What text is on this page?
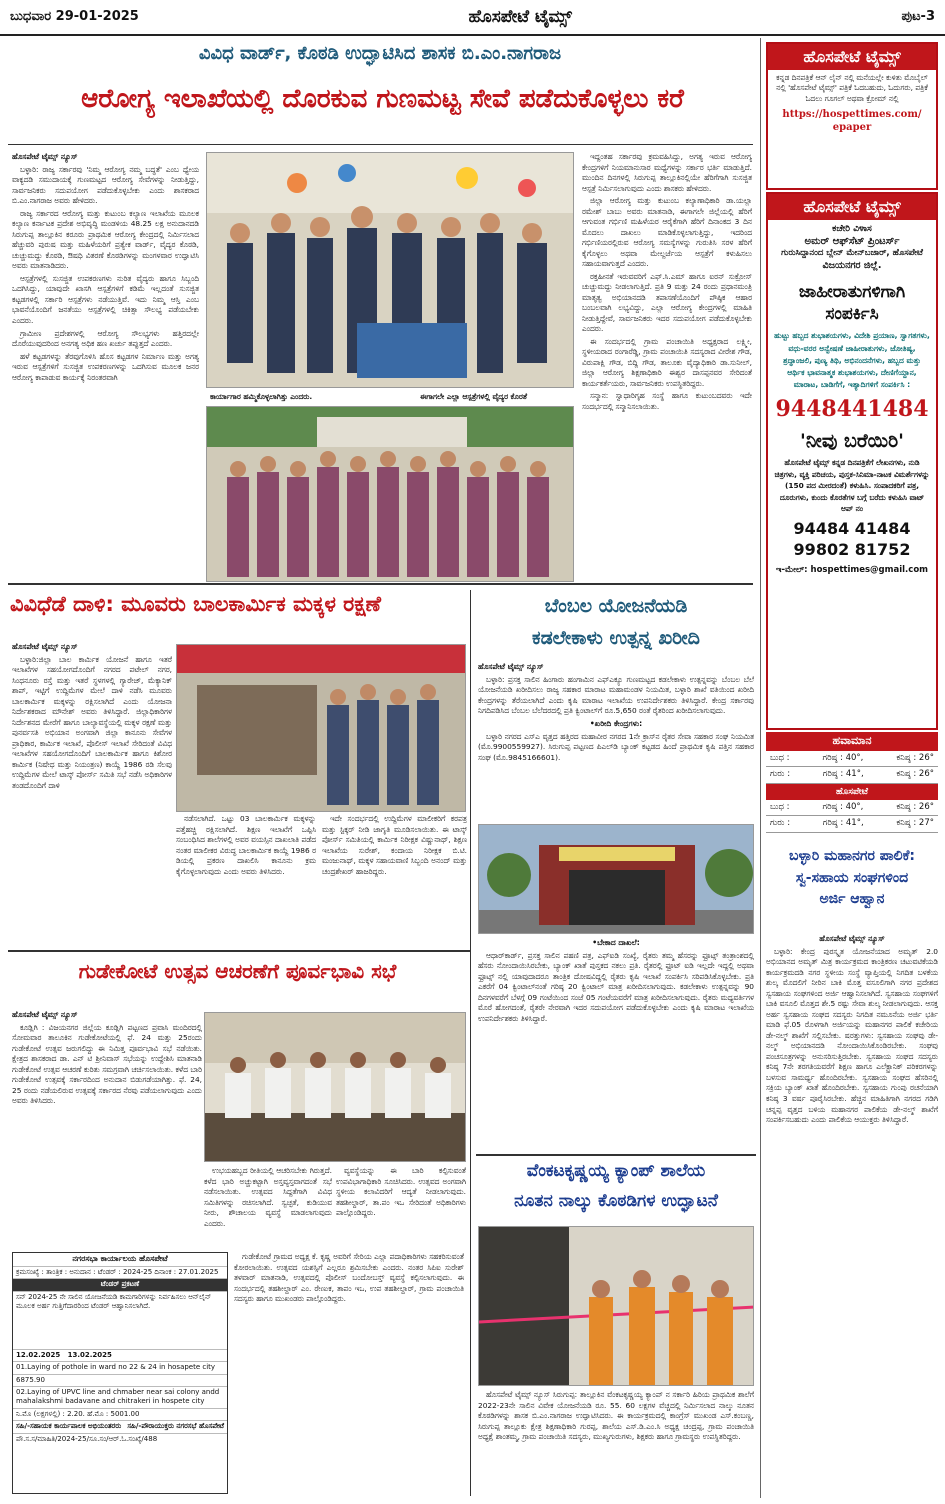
ಬುಧವಾರ 29-01-2025	ಹೊಸಪೇಟೆ ಟೈಮ್ಸ್	ಪುಟ-3
ವಿವಿಧ ವಾರ್ಡ್, ಕೊಠಡಿ ಉದ್ಘಾಟಿಸಿದ ಶಾಸಕ ಬಿ.ಎಂ.ನಾಗರಾಜ
ಆರೋಗ್ಯ ಇಲಾಖೆಯಲ್ಲಿ ದೊರಕುವ ಗುಣಮಟ್ಟ ಸೇವೆ ಪಡೆದುಕೊಳ್ಳಲು ಕರೆ

ಹೊಸಪೇಟೆ ಟೈಮ್ಸ್ ನ್ಯೂಸ್

ಬಳ್ಳಾರಿ: ರಾಜ್ಯ ಸರ್ಕಾರವು 'ನಿಮ್ಮ ಆರೋಗ್ಯ ನಮ್ಮ ಬದ್ಧತೆ' ಎಂಬ ಧ್ಯೇಯ ವಾಕ್ಯದಡಿ ಸಮುದಾಯಕ್ಕೆ ಗುಣಮಟ್ಟದ ಆರೋಗ್ಯ ಸೇವೆಗಳನ್ನು ನೀಡುತ್ತಿದ್ದು, ಸಾರ್ವಜನಿಕರು ಸದುಪಯೋಗ ಪಡೆದುಕೊಳ್ಳಬೇಕು ಎಂದು ಶಾಸಕರಾದ ಬಿ.ಎಂ.ನಾಗರಾಜ ಅವರು ಹೇಳಿದರು.

ರಾಜ್ಯ ಸರ್ಕಾರದ ಆರೋಗ್ಯ ಮತ್ತು ಕುಟುಂಬ ಕಲ್ಯಾಣ ಇಲಾಖೆಯ ಮೂಲಕ ಕಲ್ಯಾಣ ಕರ್ನಾಟಕ ಪ್ರದೇಶ ಅಭಿವೃದ್ಧಿ ಮಂಡಳಿಯ 48.25 ಲಕ್ಷ ಅನುದಾನದಡಿ ಸಿರುಗುಪ್ಪ ತಾಲ್ಲೂಕಿನ ಕರೂರು ಪ್ರಾಥಮಿಕ ಆರೋಗ್ಯ ಕೇಂದ್ರದಲ್ಲಿ ನಿರ್ಮಿಸಲಾದ ಹೆಚ್ಚುವರಿ ಪುರುಷ ಮತ್ತು ಮಹಿಳೆಯರಿಗೆ ಪ್ರತ್ಯೇಕ ವಾರ್ಡ್, ವೈದ್ಯರ ಕೊಠಡಿ, ಚುಚ್ಚುಮದ್ದು ಕೊಠಡಿ, ಔಷಧಿ ವಿತರಣೆ ಕೊಠಡಿಗಳನ್ನು ಮಂಗಳವಾರ ಉದ್ಘಾಟಿಸಿ ಅವರು ಮಾತನಾಡಿದರು.

ಆಸ್ಪತ್ರೆಗಳಲ್ಲಿ ಸುಸಜ್ಜಿತ ಉಪಕರಣಗಳು ನುರಿತ ವೈದ್ಯರು ಹಾಗೂ ಸಿಬ್ಬಂದಿ ಒದಗಿಸಿದ್ದು, ಯಾವುದೇ ಖಾಸಗಿ ಆಸ್ಪತ್ರೆಗಳಿಗೆ ಕಡಿಮೆ ಇಲ್ಲದಂತೆ ಸುಸಜ್ಜಿತ ಕಟ್ಟಡಗಳಲ್ಲಿ ಸರ್ಕಾರಿ ಆಸ್ಪತ್ರೆಗಳು ನಡೆಯುತ್ತಿವೆ. ಇದು ನಿಮ್ಮ ಆಸ್ತಿ ಎಂಬ ಭಾವನೆಯೊಂದಿಗೆ ಜನತೆಯು ಆಸ್ಪತ್ರೆಗಳಲ್ಲಿ ಚಿಕಿತ್ಸಾ ಸೌಲಭ್ಯ ಪಡೆಯಬೇಕು ಎಂದರು.

ಗ್ರಾಮೀಣ ಪ್ರದೇಶಗಳಲ್ಲಿ ಆರೋಗ್ಯ ಸೌಲಭ್ಯಗಳು ಹತ್ತಿರದಲ್ಲೇ ದೊರೆಯುವುದರಿಂದ ಅನಗತ್ಯ ಅಧಿಕ ಹಣ ಖರ್ಚು ತಪ್ಪುತ್ತದೆ ಎಂದರು.

ಹಳೆ ಕಟ್ಟಡಗಳನ್ನು ತೆರವುಗೊಳಿಸಿ ಹೊಸ ಕಟ್ಟಡಗಳ ನಿರ್ಮಾಣ ಮತ್ತು ಅಗತ್ಯ ಇರುವ ಆಸ್ಪತ್ರೆಗಳಿಗೆ ಸುಸಜ್ಜಿತ ಉಪಕರಣಗಳನ್ನು ಒದಗಿಸುವ ಮೂಲಕ ಜನರ ಆರೋಗ್ಯ ಕಾಪಾಡುವ ಕಾರ್ಯಕ್ಕೆ ನಿರಂತರವಾಗಿ

ಕಾರ್ಯಾಗಾರ ಹಮ್ಮಿಕೊಳ್ಳಲಾಗಿತ್ತು ಎಂದರು.	ಈಗಾಗಲೇ ಎಲ್ಲಾ ಆಸ್ಪತ್ರೆಗಳಲ್ಲಿ ವೈದ್ಯರ ಕೊರತೆ

ಇದ್ದಂತಹ ಸರ್ಕಾರವು ಕ್ರಮವಹಿಸಿದ್ದು, ಅಗತ್ಯ ಇರುವ ಆರೋಗ್ಯ ಕೇಂದ್ರಗಳಿಗೆ ನಿಯಮಾನುಸಾರ ಮಧ್ಯೆಗಳನ್ನು ಸರ್ಕಾರ ಭರ್ತಿ ಮಾಡುತ್ತಿದೆ. ಮುಂದಿನ ದಿನಗಳಲ್ಲಿ ಸಿರುಗುಪ್ಪ ತಾಲ್ಲೂಕಿನಲ್ಲಿಯೇ ಹೆರಿಗೆಗಾಗಿ ಸುಸಜ್ಜಿತ ಆಸ್ಪತ್ರೆ ನಿರ್ಮಿಸಲಾಗುವುದು ಎಂದು ಶಾಸಕರು ಹೇಳಿದರು.

ಜಿಲ್ಲಾ ಆರೋಗ್ಯ ಮತ್ತು ಕುಟುಂಬ ಕಲ್ಯಾಣಾಧಿಕಾರಿ ಡಾ.ಯಲ್ಲಾ ರಮೇಶ್ ಬಾಬು ಅವರು ಮಾತನಾಡಿ, ಈಗಾಗಲೇ ಜಿಲ್ಲೆಯಲ್ಲಿ ಹೆರಿಗೆ ಆಗುವಂತ ಗರ್ಭಿಣಿ ಮಹಿಳೆಯರ ಆರೈಕೆಗಾಗಿ ಹೆರಿಗೆ ದಿನಾಂಕದ 3 ದಿನ ಮೊದಲು ದಾಖಲು ಮಾಡಿಕೊಳ್ಳಲಾಗುತ್ತಿದ್ದು, ಇದರಿಂದ ಗರ್ಭಿಣಿಯರಲ್ಲಿರುವ ಆರೋಗ್ಯ ಸಮಸ್ಯೆಗಳನ್ನು ಗುರುತಿಸಿ ಸರಳ ಹೆರಿಗೆ ಕೈಗೊಳ್ಳಲು ಅಥವಾ ಮೇಲ್ದರ್ಜೆಯ ಆಸ್ಪತ್ರೆಗೆ ಕಳುಹಿಸಲು ಸಹಾಯವಾಗುತ್ತದೆ ಎಂದರು.

ರಕ್ತಹೀನತೆ ಇರುವವರಿಗೆ ಎಫ್.ಸಿ.ಎಮ್ ಹಾಗೂ ಐರನ್ ಸುಕ್ರೋಸ್ ಚುಚ್ಚುಮದ್ದು ನೀಡಲಾಗುತ್ತಿದೆ. ಪ್ರತಿ 9 ಮತ್ತು 24 ರಂದು ಪ್ರಧಾನಮಂತ್ರಿ ಮಾತೃತ್ವ ಅಭಿಯಾನದಡಿ ತಪಾಸಣೆಯೊಂದಿಗೆ ಪೌಷ್ಠಿಕ ಆಹಾರ ಬಂಬಲವಾಗಿ ಲಭ್ಯವಿದ್ದು, ಎಲ್ಲಾ ಆರೋಗ್ಯ ಕೇಂದ್ರಗಳಲ್ಲಿ ಮಾಹಿತಿ ನೀಡುತ್ತಿದ್ದೇವೆ, ಸಾರ್ವಜನಿಕರು ಇದರ ಸದುಪಯೋಗ ಪಡೆದುಕೊಳ್ಳಬೇಕು ಎಂದರು.

ಈ ಸಂದರ್ಭದಲ್ಲಿ ಗ್ರಾಮ ಪಂಚಾಯಿತಿ ಅಧ್ಯಕ್ಷರಾದ ಲಕ್ಷ್ಮೀ, ಸ್ಥಳೀಯರಾದ ರಂಗಾರೆಡ್ಡಿ, ಗ್ರಾಮ ಪಂಚಾಯಿತಿ ಸದಸ್ಯರಾದ ವೀರೇಶ ಗೌಡ, ವಿರುಪಾಕ್ಷಿ ಗೌಡ, ಬಿದ್ದಿ ಗೌಡ, ತಾಲೂಕು ವೈದ್ಯಾಧಿಕಾರಿ ಡಾ.ಸುನೀಲ್, ಜಿಲ್ಲಾ ಆರೋಗ್ಯ ಶಿಕ್ಷಣಾಧಿಕಾರಿ ಈಶ್ವರ ದಾಸಪ್ಪನವರ ಸೇರಿದಂತೆ ಕಾರ್ಯಕರ್ತೆಯರು, ಸಾರ್ವಜನಿಕರು ಉಪಸ್ಥಿತರಿದ್ದರು.

ಸನ್ಮಾನ: ಸ್ವಾಧಾರಿಗೃಹ ಸಂಸ್ಥೆ ಹಾಗೂ ಕುಟುಂಬದವರು ಇದೇ ಸಂದರ್ಭದಲ್ಲಿ ಸನ್ಮಾನಿಸಲಾಯಿತು.

ವಿವಿಧೆಡೆ ದಾಳಿ: ಮೂವರು ಬಾಲಕಾರ್ಮಿಕ ಮಕ್ಕಳ ರಕ್ಷಣೆ

ಹೊಸಪೇಟೆ ಟೈಮ್ಸ್ ನ್ಯೂಸ್

ಬಳ್ಳಾರಿ:ಜಿಲ್ಲಾ ಬಾಲ ಕಾರ್ಮಿಕ ಯೋಜನೆ ಹಾಗೂ ಇತರೆ ಇಲಾಖೆಗಳ ಸಹಯೋಗದೊಂದಿಗೆ ನಗರದ ಪಟೇಲ್ ನಗರ, ಸಿಂಧನೂರು ರಸ್ತೆ ಮತ್ತು ಇತರೆ ಸ್ಥಳಗಳಲ್ಲಿ ಗ್ಯಾರೇಜ್, ಮೆಕ್ಯಾನಿಕ್ ಶಾಪ್, ಇಟ್ಟಿಗೆ ಉದ್ದಿಮೆಗಳ ಮೇಲೆ ದಾಳಿ ನಡೆಸಿ ಮೂವರು ಬಾಲಕಾರ್ಮಿಕ ಮಕ್ಕಳನ್ನು ರಕ್ಷಿಸಲಾಗಿದೆ ಎಂದು ಯೋಜನಾ ನಿರ್ದೇಶಕರಾದ ಮೌನೇಶ್ ಅವರು ತಿಳಿಸಿದ್ದಾರೆ. ಜಿಲ್ಲಾಧಿಕಾರಿಗಳ ನಿರ್ದೇಶನದ ಮೇರೆಗೆ ಹಾಗೂ ಬಾಲ್ಯಾವಸ್ಥೆಯಲ್ಲಿ ಮಕ್ಕಳ ರಕ್ಷಣೆ ಮತ್ತು ಪುನರ್ವಸತಿ ಅಭಿಯಾನ ಅಂಗವಾಗಿ ಜಿಲ್ಲಾ ಕಾನೂನು ಸೇವೆಗಳ ಪ್ರಾಧಿಕಾರ, ಕಾರ್ಮಿಕ ಇಲಾಖೆ, ಪೊಲೀಸ್ ಇಲಾಖೆ ಸೇರಿದಂತೆ ವಿವಿಧ ಇಲಾಖೆಗಳ ಸಹಯೋಗದೊಂದಿಗೆ ಬಾಲಕಾರ್ಮಿಕ ಹಾಗೂ ಕಿಶೋರ ಕಾರ್ಮಿಕ (ನಿಷೇಧ ಮತ್ತು ನಿಯಂತ್ರಣ) ಕಾಯ್ದೆ 1986 ರಡಿ ಸೆಲವು ಉದ್ದಿಮೆಗಳ ಮೇಲೆ ಟಾಸ್ಕ್ ಪೋರ್ಸ್ ಸಮಿತಿ ಸಭೆ ನಡೆಸಿ ಅಧಿಕಾರಿಗಳ ತಂಡದೊಂದಿಗೆ ದಾಳಿ

ನಡೆಸಲಾಗಿದೆ. ಒಟ್ಟು 03 ಬಾಲಕಾರ್ಮಿಕ ಮಕ್ಕಳನ್ನು ಪತ್ತೆಹಚ್ಚಿ ರಕ್ಷಿಸಲಾಗಿದೆ. ಶಿಕ್ಷಣ ಇಲಾಖೆಗೆ ಒಪ್ಪಿಸಿ ಸಂಬಂಧಿಸಿದ ಶಾಲೆಗಳಲ್ಲಿ ಅವರ ವಯಸ್ಸಿನ ದಾಖಲಾತಿ ಪಡೆದ ನಂತರ ಮಾಲೀಕರ ವಿರುದ್ಧ ಬಾಲಕಾರ್ಮಿಕ ಕಾಯ್ದೆ 1986 ರ ಡಿಯಲ್ಲಿ ಪ್ರಕರಣ ದಾಖಲಿಸಿ ಕಾನೂನು ಕ್ರಮ ಕೈಗೊಳ್ಳಲಾಗುವುದು ಎಂದು ಅವರು ತಿಳಿಸಿದರು.

ಇದೇ ಸಂದರ್ಭದಲ್ಲಿ ಉದ್ದಿಮೆಗಳ ಮಾಲೀಕರಿಗೆ ಕರಪತ್ರ ಮತ್ತು ಸ್ಟಿಕ್ಕರ್ ನೀಡಿ ಜಾಗೃತಿ ಮೂಡಿಸಲಾಯಿತು. ಈ ಟಾಸ್ಕ್ ಪೋರ್ಸ್ ಸಮಿತಿಯಲ್ಲಿ ಕಾರ್ಮಿಕ ನಿರೀಕ್ಷಕ ವಿಷ್ಣುನಾಥ್, ಶಿಕ್ಷಣ ಇಲಾಖೆಯ ಸುರೇಶ್, ಕಂದಾಯ ನಿರೀಕ್ಷಕ ಬಿ.ಟಿ. ಮಂಜುನಾಥ್, ಮಕ್ಕಳ ಸಹಾಯವಾಣಿ ಸಿಬ್ಬಂದಿ ಅನಂದ್ ಮತ್ತು ಚಂದ್ರಶೇಖರ್ ಹಾಜರಿದ್ದರು.

ಗುಡೇಕೋಟೆ ಉತ್ಸವ ಆಚರಣೆಗೆ ಪೂರ್ವಭಾವಿ ಸಭೆ

ಹೊಸಪೇಟೆ ಟೈಮ್ಸ್ ನ್ಯೂಸ್

ಕೂಡ್ಲಿಗಿ : ವಿಜಯನಗರ ಜಿಲ್ಲೆಯ ಕೂಡ್ಲಿಗಿ ಪಟ್ಟಣದ ಪ್ರವಾಸಿ ಮಂದಿರದಲ್ಲಿ ಸೋಮವಾರ ತಾಲೂಕಿನ ಗುಡೇಕೋಟೆಯಲ್ಲಿ ಫೆ. 24 ಮತ್ತು 25ರಂದು ಗುಡೇಕೋಟೆ ಉತ್ಸವ ಜರುಗಲಿದ್ದು ಈ ನಿಮಿತ್ತ ಪೂರ್ವಭಾವಿ ಸಭೆ ನಡೆಯಿತು. ಕ್ಷೇತ್ರದ ಶಾಸಕರಾದ ಡಾ. ಎನ್ ಟಿ ಶ್ರೀನಿವಾಸ್ ಸಭೆಯನ್ನು ಉದ್ದೇಶಿಸಿ ಮಾತನಾಡಿ ಗುಡೇಕೋಟೆ ಉತ್ಸವ ಆಚರಣೆ ಕುರಿತು ಸಮಗ್ರವಾಗಿ ಚರ್ಚಿಸಲಾಯಿತು. ಕಳೆದ ಬಾರಿ ಗುಡೇಕೋಟೆ ಉತ್ಸವಕ್ಕೆ ಸರ್ಕಾರದಿಂದ ಅನುದಾನ ಬಿಡುಗಡೆಯಾಗಿತ್ತು. ಫೆ. 24, 25 ರಂದು ನಡೆಯಲಿರುವ ಉತ್ಸವಕ್ಕೆ ಸರ್ಕಾರದ ನೆರವು ಪಡೆಯಲಾಗುವುದು ಎಂದು ಅವರು ತಿಳಿಸಿದರು.

ಉಭಯಹಬ್ಬದ ರೀತಿಯಲ್ಲಿ ಆಚರಿಸಬೇಕು ಗಿರುತ್ತದೆ. ಕಳೆದ ಭಾರಿ ಅಚ್ಚುಕಟ್ಟಾಗಿ ಅಸ್ತವ್ಯಸ್ತವಾಗದಂತೆ ಸಭೆ ನಡೆಸಲಾಯಿತು. ಉತ್ಸವದ ಸಿದ್ದತೆಗಾಗಿ ವಿವಿಧ ಸಮಿತಿಗಳನ್ನು ರಚಿಸಲಾಗಿದೆ. ಸ್ವಚ್ಛತೆ, ಕುಡಿಯುವ ನೀರು, ಶೌಚಾಲಯ ವ್ಯವಸ್ಥೆ ಮಾಡಲಾಗುವುದು ಎಂದರು.

ವ್ಯವಸ್ಥೆಯನ್ನು ಈ ಬಾರಿ ಕಲ್ಪಿಸುವಂತೆ ಉಪವಿಭಾಗಾಧಿಕಾರಿ ಸೂಚಿಸಿದರು. ಉತ್ಸವದ ಅಂಗವಾಗಿ ಸ್ಥಳೀಯ ಕಲಾವಿದರಿಗೆ ಆದ್ಯತೆ ನೀಡಲಾಗುವುದು. ತಹಶೀಲ್ದಾರ್, ತಾ.ಪಂ ಇಒ ಸೇರಿದಂತೆ ಅಧಿಕಾರಿಗಳು ಪಾಲ್ಗೊಂಡಿದ್ದರು.

ನಗರಸಭಾ ಕಾರ್ಯಾಲಯ ಹೊಸಪೇಟೆ
ಕ್ರಮಸಂಖ್ಯೆ : ತಾಂತ್ರಿಕ : ಅನುದಾನ : ಟೆಂಡರ್ : 2024-25 ದಿನಾಂಕ : 27.01.2025
ಟೆಂಡರ್ ಪ್ರಕಟಣೆ
ಸನ್ 2024-25 ನೇ ಸಾಲಿನ ಯೋಜನೆಯಡಿ ಕಾಮಗಾರಿಗಳನ್ನು ನಿರ್ವಹಿಸಲು ಆನ್‌ಲೈನ್ ಮೂಲಕ ಅರ್ಹ ಗುತ್ತಿಗೆದಾರರಿಂದ ಟೆಂಡರ್ ಆಹ್ವಾನಿಸಲಾಗಿದೆ.
12.02.2025 13.02.2025
01.Laying of pothole in ward no 22 & 24 in hosapete city
6875.90
02.Laying of UPVC line and chmaber near sai colony andd mahalakshmi badavane and chitrakeri in hospete city
ನಿ.ಮೊ (ಲಕ್ಷಗಳಲ್ಲಿ) : 2.20. ಹೆ.ಮೊ : 5001.00
ಸಹಿ/-ಸಹಾಯಕ ಕಾರ್ಯಪಾಲಕ ಅಭಿಯಂತರರು ಸಹಿ/-ಪೌರಾಯುಕ್ತರು ನಗರಸಭೆ ಹೊಸಪೇಟೆ
ಪೌ.ಸ.ಸ/ಮಾಹಿತಿ/2024-25/ಸೂ.ಸಂ/ಆರ್.ಓ.ಸಂಖ್ಯೆ/488

ಗುಡೇಕೋಟೆ ಗ್ರಾಮದ ಅಧ್ಯಕ್ಷ ಕೆ. ಕೃಷ್ಣ ಅವರಿಗೆ ಸೇರಿಯ ಎಲ್ಲಾ ಪದಾಧಿಕಾರಿಗಳು ಸಹಕರಿಸುವಂತೆ ಕೋರಲಾಯಿತು. ಉತ್ಸವದ ಯಶಸ್ಸಿಗೆ ಎಲ್ಲರೂ ಶ್ರಮಿಸಬೇಕು ಎಂದರು. ನಂತರ ಸಿಪಿಐ ಸುರೇಶ್ ತಳವಾರ್ ಮಾತನಾಡಿ, ಉತ್ಸವದಲ್ಲಿ ಪೊಲೀಸ್ ಬಂದೋಬಸ್ತ್ ವ್ಯವಸ್ಥೆ ಕಲ್ಪಿಸಲಾಗುವುದು. ಈ ಸಂದರ್ಭದಲ್ಲಿ ತಹಶೀಲ್ದಾರ್ ಎಂ. ರೇಣುಕ, ತಾಪಂ ಇಒ, ಉಪ ತಹಶೀಲ್ದಾರ್, ಗ್ರಾಮ ಪಂಚಾಯಿತಿ ಸದಸ್ಯರು ಹಾಗೂ ಮುಖಂಡರು ಪಾಲ್ಗೊಂಡಿದ್ದರು.

ಬೆಂಬಲ ಯೋಜನೆಯಡಿ
ಕಡಲೇಕಾಳು ಉತ್ಪನ್ನ ಖರೀದಿ

ಹೊಸಪೇಟೆ ಟೈಮ್ಸ್ ನ್ಯೂಸ್

ಬಳ್ಳಾರಿ: ಪ್ರಸಕ್ತ ಸಾಲಿನ ಹಿಂಗಾರು ಹಂಗಾಮಿನ ಎಫ್‌ಎಕ್ಯೂ ಗುಣಮಟ್ಟದ ಕಡಲೇಕಾಳು ಉತ್ಪನ್ನವನ್ನು ಬೆಂಬಲ ಬೆಲೆ ಯೋಜನೆಯಡಿ ಖರೀದಿಸಲು ರಾಜ್ಯ ಸಹಕಾರ ಮಾರಾಟ ಮಹಾಮಂಡಳ ನಿಯಮಿತ, ಬಳ್ಳಾರಿ ಶಾಖೆ ವತಿಯಿಂದ ಖರೀದಿ ಕೇಂದ್ರಗಳನ್ನು ತೆರೆಯಲಾಗಿದೆ ಎಂದು ಕೃಷಿ ಮಾರಾಟ ಇಲಾಖೆಯ ಉಪನಿರ್ದೇಶಕರು ತಿಳಿಸಿದ್ದಾರೆ. ಕೇಂದ್ರ ಸರ್ಕಾರವು ನಿಗದಿಪಡಿಸಿದ ಬೆಂಬಲ ಬೆಲೆದರದಲ್ಲಿ ಪ್ರತಿ ಕ್ವಿಂಟಾಲ್‌ಗೆ ರೂ.5,650 ರಂತೆ ರೈತರಿಂದ ಖರೀದಿಸಲಾಗುವುದು.

•ಖರೀದಿ ಕೇಂದ್ರಗಳು:

ಬಳ್ಳಾರಿ ನಗರದ ಎಸ್‌ಎ ವೃತ್ತದ ಹತ್ತಿರದ ಮಹಾವೀರ ನಗರದ 1ನೇ ಕ್ರಾಸ್‌ನ ರೈತರ ಸೇವಾ ಸಹಕಾರ ಸಂಘ ನಿಯಮಿತ (ಮೊ.9900559927). ಸಿರುಗುಪ್ಪ ಪಟ್ಟಣದ ಪಿಎಲ್‌ಡಿ ಬ್ಯಾಂಕ್ ಕಟ್ಟಡದ ಹಿಂದೆ ಪ್ರಾಥಮಿಕ ಕೃಷಿ ಪತ್ತಿನ ಸಹಕಾರ ಸಂಘ (ಮೊ.9845166601).

•ಬೇಕಾದ ದಾಖಲೆ:

ಆಧಾರ್‌ಕಾರ್ಡ್, ಪ್ರಸಕ್ತ ಸಾಲಿನ ಪಹಣಿ ಪತ್ರ, ಎಫ್‌ಐಡಿ ಸಂಖ್ಯೆ, ರೈತರು ತಮ್ಮ ಹೆಸರನ್ನು ಫ್ರೂಟ್ಸ್ ತಂತ್ರಾಂಶದಲ್ಲಿ ಹೆಸರು ನೋಂದಾಯಿಸಿರಬೇಕು, ಬ್ಯಾಂಕ್ ಖಾತೆ ಪುಸ್ತಕದ ನಕಲು ಪ್ರತಿ. ರೈತರಲ್ಲಿ ಫ್ರೂಟ್ ಐಡಿ ಇಲ್ಲದೇ ಇದ್ದಲ್ಲಿ ಅಥವಾ ಫ್ರೂಟ್ಸ್ ನಲ್ಲಿ ಯಾವುದಾದರೂ ತಾಂತ್ರಿಕ ದೋಷವಿದ್ದಲ್ಲಿ ರೈತರು ಕೃಷಿ ಇಲಾಖೆ ಸಂಪರ್ಕಿಸಿ ಸರಿಪಡಿಸಿಕೊಳ್ಳಬೇಕು. ಪ್ರತಿ ಎಕರೆಗೆ 04 ಕ್ವಿಂಟಾಲ್‌ನಂತೆ ಗರಿಷ್ಠ 20 ಕ್ವಿಂಟಾಲ್ ಮಾತ್ರ ಖರೀದಿಸಲಾಗುವುದು. ಕಡಲೇಕಾಳು ಉತ್ಪನ್ನವನ್ನು 90 ದಿನಗಳವರೆಗೆ ಬೆಳಗ್ಗೆ 09 ಗಂಟೆಯಿಂದ ಸಂಜೆ 05 ಗಂಟೆಯವರೆಗೆ ಮಾತ್ರ ಖರೀದಿಸಲಾಗುವುದು. ರೈತರು ಮಧ್ಯವರ್ತಿಗಳ ಮೊರೆ ಹೋಗದಂತೆ, ರೈತರೇ ನೇರವಾಗಿ ಇದರ ಸದುಪಯೋಗ ಪಡೆದುಕೊಳ್ಳಬೇಕು ಎಂದು ಕೃಷಿ ಮಾರಾಟ ಇಲಾಖೆಯ ಉಪನಿರ್ದೇಶಕರು ತಿಳಿಸಿದ್ದಾರೆ.

ವೆಂಕಟಕೃಷ್ಣಯ್ಯ ಕ್ಯಾಂಪ್ ಶಾಲೆಯ
ನೂತನ ನಾಲ್ಕು ಕೊಠಡಿಗಳ ಉದ್ಘಾಟನೆ

ಹೊಸಪೇಟೆ ಟೈಮ್ಸ್ ನ್ಯೂಸ್ ಸಿರುಗುಪ್ಪ: ತಾಲ್ಲೂಕಿನ ವೆಂಕಟಕೃಷ್ಣಯ್ಯ ಕ್ಯಾಂಪ್ ನ ಸರ್ಕಾರಿ ಹಿರಿಯ ಪ್ರಾಥಮಿಕ ಶಾಲೆಗೆ 2022-23ನೇ ಸಾಲಿನ ವಿವೇಕ ಯೋಜನೆಯಡಿ ರೂ. 55. 60 ಲಕ್ಷಗಳ ವೆಚ್ಚದಲ್ಲಿ ನಿರ್ಮಿಸಲಾದ ನಾಲ್ಕು ನೂತನ ಕೊಠಡಿಗಳನ್ನು ಶಾಸಕ ಬಿ.ಎಂ.ನಾಗರಾಜ ಉದ್ಘಾಟಿಸಿದರು. ಈ ಕಾರ್ಯಕ್ರಮದಲ್ಲಿ ಕಾಂಗ್ರೆಸ್ ಮುಖಂಡ ಎಸ್.ಕಂಬಣ್ಣ, ಸಿರುಗುಪ್ಪ ತಾಲ್ಲೂಕು ಕ್ಷೇತ್ರ ಶಿಕ್ಷಣಾಧಿಕಾರಿ ಗುರಪ್ಪ, ಶಾಲೆಯ ಎಸ್.ಡಿ.ಎಂ.ಸಿ ಅಧ್ಯಕ್ಷ ಚಂದ್ರಪ್ಪ, ಗ್ರಾಮ ಪಂಚಾಯಿತಿ ಅಧ್ಯಕ್ಷೆ ಶಾಂತಮ್ಮ, ಗ್ರಾಮ ಪಂಚಾಯಿತಿ ಸದಸ್ಯರು, ಮುಖ್ಯಗುರುಗಳು, ಶಿಕ್ಷಕರು ಹಾಗೂ ಗ್ರಾಮಸ್ಥರು ಉಪಸ್ಥಿತರಿದ್ದರು.

ಹೊಸಪೇಟೆ ಟೈಮ್ಸ್
ಕನ್ನಡ ದಿನಪತ್ರಿಕೆ ಆನ್ ಲೈನ್ ನಲ್ಲಿ ಮನೆಯಲ್ಲೇ ಕುಳಿತು ಮೊಬೈಲ್ ನಲ್ಲಿ 'ಹೊಸಪೇಟೆ ಟೈಮ್ಸ್' ಪತ್ರಿಕೆ ಓದಬಹುದು, ಓದುಗರು, ಪತ್ರಿಕೆ ಓದಲು ಗೂಗಲ್ ಅಥವಾ ಕ್ರೋಮ್ ನಲ್ಲಿ
https://hospettimes.com/
epaper
ಹೊಸಪೇಟೆ ಟೈಮ್ಸ್
ಕಚೇರಿ ವಿಳಾಸ
ಅಮರ್ ಆಫ್‌ಸೆಟ್ ಪ್ರಿಂಟರ್ಸ್
ಗುರುಸಿದ್ದಾನಂದ ಬ್ಲೇನ್ ಮೇನ್‌ಬಜಾರ್, ಹೊಸಪೇಟೆ
ವಿಜಯನಗರ ಜಿಲ್ಲೆ.
ಜಾಹೀರಾತುಗಳಿಗಾಗಿ
ಸಂಪರ್ಕಿಸಿ
ಹುಟ್ಟು ಹಬ್ಬದ ಶುಭಾಶಯಗಳು, ವಿದೇಶಿ ಪ್ರಯಾಣ, ಸ್ವಾಗತಗಳು, ವಧು-ವರರ ಅನ್ವೇಷಣೆ ಜಾಹೀರಾತುಗಳು, ಜೋತಿಷ್ಯ, ಶ್ರದ್ಧಾಂಜಲಿ, ಪುಣ್ಯ ತಿಥಿ, ಅಭಿನಂದನೆಗಳು, ಹಬ್ಬದ ಮತ್ತು ಆರ್ಥಿಕ ಭಾವನಾತ್ಮಕ ಶುಭಾಶಯಗಳು, ದೇಣಿಗೆಯ್ದಾನ, ಮಾರಾಟ, ಬಾಡಿಗೆಗೆ, ಇತ್ಯಾದಿಗಳಿಗೆ ಸಂಪರ್ಕಿಸಿ :
9448441484
'ನೀವು ಬರೆಯಿರಿ'
ಹೊಸಪೇಟೆ ಟೈಮ್ಸ್ ಕನ್ನಡ ದಿನಪತ್ರಿಕೆಗೆ ಲೇಖನಗಳು, ನುಡಿ ಚಿತ್ರಗಳು, ವ್ಯಕ್ತಿ ಪರಿಚಯ, ಪುಸ್ತಕ-ಸಿನಿಮಾ-ನಾಟಕ ವಿಮರ್ಶೆಗಳನ್ನು (150 ಪದ ಮೀರದಂತೆ) ಕಳುಹಿಸಿ. ಸಂಪಾದಕರಿಗೆ ಪತ್ರ, ದೂರುಗಳು, ಕುಂದು ಕೊರತೆಗಳ ಬಗ್ಗೆ ಬರೆದು ಕಳುಹಿಸಿ ವಾಟ್ ಆಪ್ ನಂ
94484 41484
99802 81752
ಇ-ಮೇಲ್: hospettimes@gmail.com
ಹವಾಮಾನ
ಬುಧ :	ಗರಿಷ್ಠ : 40°,	ಕನಿಷ್ಠ : 26°
ಗುರು :	ಗರಿಷ್ಠ : 41°,	ಕನಿಷ್ಠ : 26°
ಹೊಸಪೇಟೆ
ಬುಧ :	ಗರಿಷ್ಠ : 40°,	ಕನಿಷ್ಠ : 26°
ಗುರು :	ಗರಿಷ್ಠ : 41°,	ಕನಿಷ್ಠ : 27°
ಬಳ್ಳಾರಿ ಮಹಾನಗರ ಪಾಲಿಕೆ:
ಸ್ವ-ಸಹಾಯ ಸಂಘಗಳಿಂದ
ಅರ್ಜಿ ಆಹ್ವಾನ

ಹೊಸಪೇಟೆ ಟೈಮ್ಸ್ ನ್ಯೂಸ್

ಬಳ್ಳಾರಿ: ಕೇಂದ್ರ ಪುರಸ್ಕೃತ ಯೋಜನೆಯಾದ ಅಮೃತ್ 2.0 ಅಭಿಯಾನದ ಅಮೃತ್ ಮಿತ್ರ ಕಾರ್ಯಕ್ರಮದ ಕಾಂತ್ರಿಕರಣ ಚಟುವಟಿಕೆಯಡಿ ಕಾರ್ಯಕ್ರಮದಡಿ ನಗರ ಸ್ಥಳೀಯ ಸಂಸ್ಥೆ ವ್ಯಾಪ್ತಿಯಲ್ಲಿ ನಿಗದಿತ ಬಳಕೆಯ ಶುಲ್ಕ ಮೊದಲಿಗೆ ನೀರಿನ ಬಾಕಿ ಮೊತ್ತ ವಸೂಲಿಗಾಗಿ ನಗರ ಪ್ರದೇಶದ ಸ್ವಸಹಾಯ ಸಂಘಗಳಿಂದ ಅರ್ಜಿ ಆಹ್ವಾನಿಸಲಾಗಿದೆ. ಸ್ವಸಹಾಯ ಸಂಘಗಳಿಗೆ ಬಾಕಿ ವಸೂಲಿ ಮೊತ್ತದ ಶೇ.5 ರಷ್ಟು ಸೇವಾ ಶುಲ್ಕ ನೀಡಲಾಗುವುದು. ಆಸಕ್ತ ಅರ್ಹ ಸ್ವಸಹಾಯ ಸಂಘದ ಸದಸ್ಯರು ನಿಗದಿತ ನಮೂನೆಯ ಅರ್ಜಿ ಭರ್ತಿ ಮಾಡಿ ಫೆ.05 ರೊಳಗಾಗಿ ಅರ್ಜಿಯನ್ನು ಮಹಾನಗರ ಪಾಲಿಕೆ ಕಚೇರಿಯ ಡೇ-ನಲ್ಮ್ ಶಾಖೆಗೆ ಸಲ್ಲಿಸಬೇಕು. ಷರತ್ತುಗಳು: ಸ್ವಸಹಾಯ ಸಂಘವು ಡೇ-ನಲ್ಮ್ ಅಭಿಯಾನದಡಿ ನೋಂದಾಯಿಸಿಕೊಂಡಿರಬೇಕು. ಸಂಘವು ಪಂಚಸೂತ್ರಗಳನ್ನು ಅನುಸರಿಸುತ್ತಿರಬೇಕು. ಸ್ವಸಹಾಯ ಸಂಘದ ಸದಸ್ಯರು ಕನಿಷ್ಠ 7ನೇ ತರಗತಿಯವರೆಗೆ ಶಿಕ್ಷಣ ಹಾಗೂ ಎಲೆಕ್ಟ್ರಾನಿಕ್ ಪರಿಕರಗಳನ್ನು ಬಳಸುವ ಸಾಮರ್ಥ್ಯ ಹೊಂದಿರಬೇಕು. ಸ್ವಸಹಾಯ ಸಂಘದ ಹೆಸರಿನಲ್ಲಿ ಸಕ್ರಿಯ ಬ್ಯಾಂಕ್ ಖಾತೆ ಹೊಂದಿರಬೇಕು. ಸ್ವಸಹಾಯ ಗುಂಪು ರಚನೆಯಾಗಿ ಕನಿಷ್ಠ 3 ವರ್ಷ ಪೂರೈಸಿರಬೇಕು. ಹೆಚ್ಚಿನ ಮಾಹಿತಿಗಾಗಿ ನಗರದ ಗಡಿಗಿ ಚನ್ನಪ್ಪ ವೃತ್ತದ ಬಳಿಯ ಮಹಾನಗರ ಪಾಲಿಕೆಯ ಡೇ-ನಲ್ಮ್ ಶಾಖೆಗೆ ಸಂಪರ್ಕಿಸಬಹುದು ಎಂದು ಪಾಲಿಕೆಯ ಆಯುಕ್ತರು ತಿಳಿಸಿದ್ದಾರೆ.
